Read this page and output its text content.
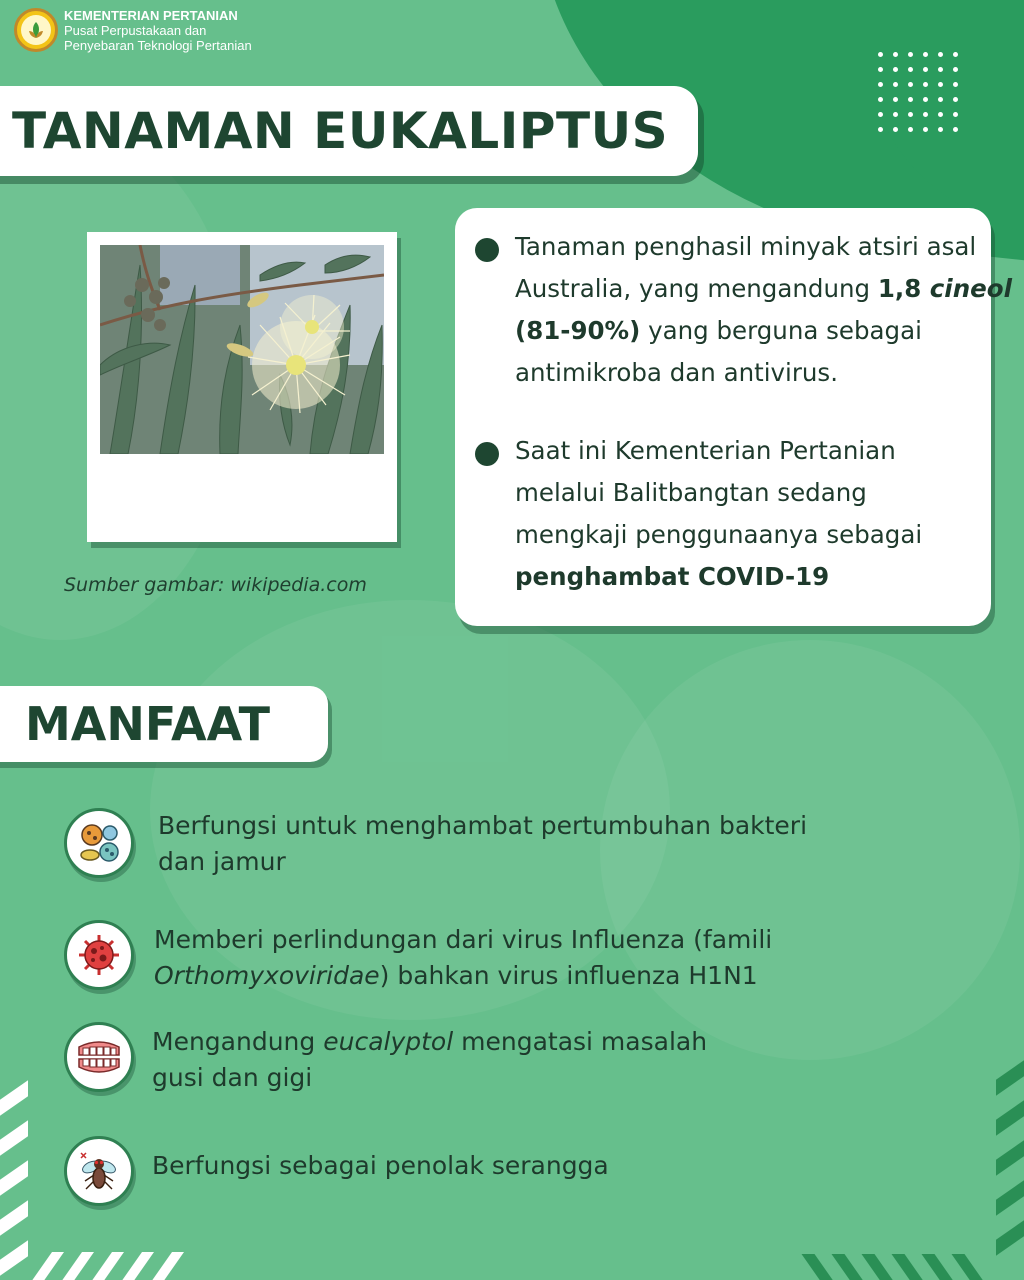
KEMENTERIAN PERTANIAN
Pusat Perpustakaan dan
Penyebaran Teknologi Pertanian
TANAMAN EUKALIPTUS
Sumber gambar: wikipedia.com

Tanaman penghasil minyak atsiri asal Australia, yang mengandung 1,8 cineol (81-90%) yang berguna sebagai antimikroba dan antivirus.

Saat ini Kementerian Pertanian melalui Balitbangtan sedang mengkaji penggunaanya sebagai penghambat COVID-19

MANFAAT

Berfungsi untuk menghambat pertumbuhan bakteri
dan jamur

Memberi perlindungan dari virus Influenza (famili
Orthomyxoviridae) bahkan virus influenza H1N1

Mengandung eucalyptol mengatasi masalah
gusi dan gigi

Berfungsi sebagai penolak serangga
